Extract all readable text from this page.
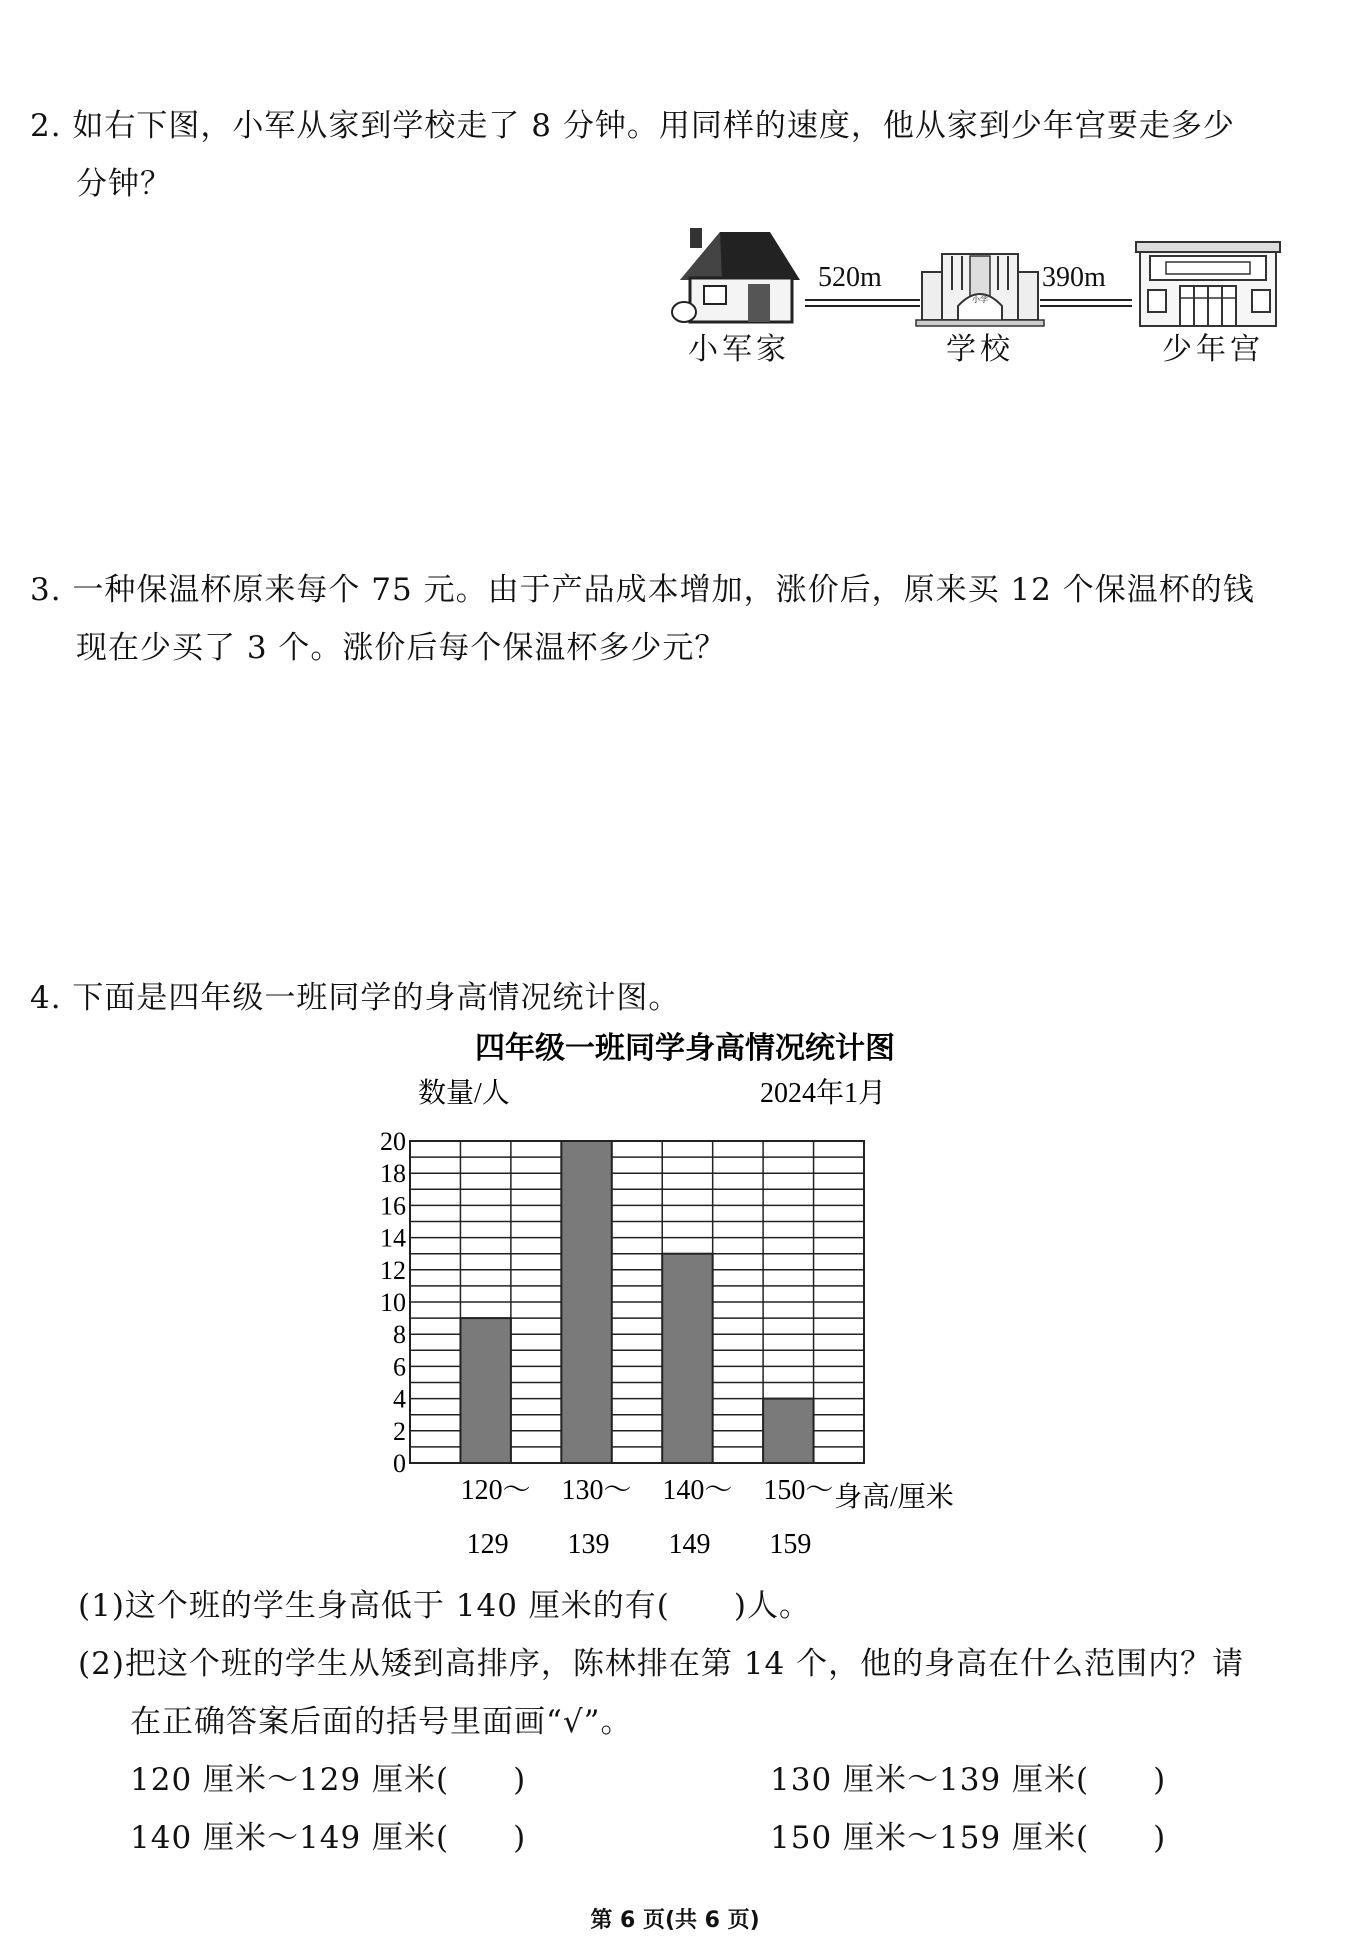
2. 如右下图，小军从家到学校走了 8 分钟。用同样的速度，他从家到少年宫要走多少
分钟？
小学
520m	390m
小军家	学校	少年宫
3. 一种保温杯原来每个 75 元。由于产品成本增加，涨价后，原来买 12 个保温杯的钱
现在少买了 3 个。涨价后每个保温杯多少元？
4. 下面是四年级一班同学的身高情况统计图。
四年级一班同学身高情况统计图
数量/人	2024年1月
身高/厘米
0
2
4
6
8
10
12
14
16
18
20
120～
129
130～
139
140～
149
150～
159
(1)这个班的学生身高低于 140 厘米的有(　　)人。
(2)把这个班的学生从矮到高排序，陈林排在第 14 个，他的身高在什么范围内？请
在正确答案后面的括号里面画“√”。
120 厘米～129 厘米(　　)	130 厘米～139 厘米(　　)
140 厘米～149 厘米(　　)	150 厘米～159 厘米(　　)
第 6 页(共 6 页)
